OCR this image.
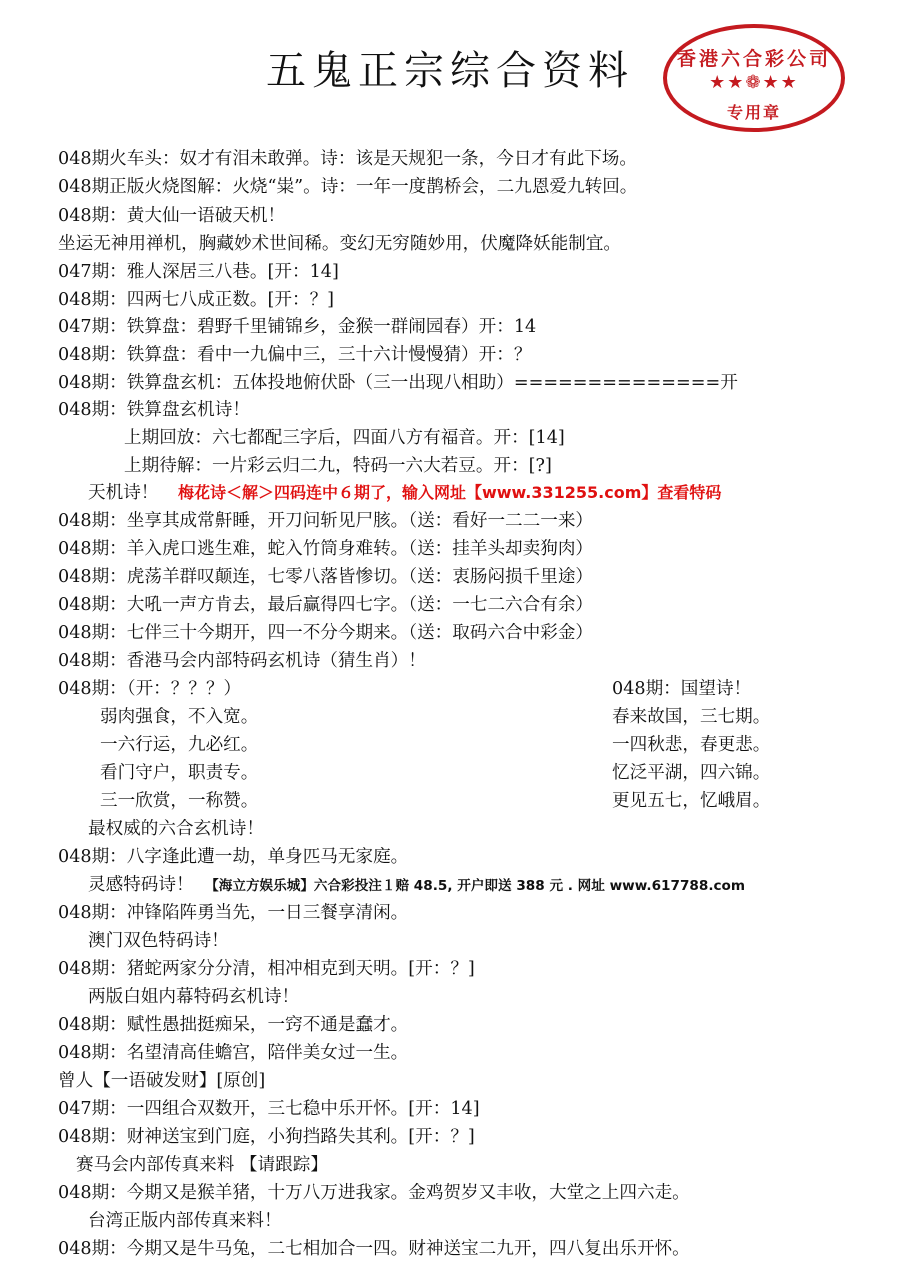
五鬼正宗综合资料	香港六合彩公司
★★❁★★
专用章
048期火车头：奴才有泪未敢弹。诗：该是天规犯一条，今日才有此下场。
048期正版火烧图解：火烧“粜”。诗：一年一度鹊桥会，二九恩爱九转回。
048期：黄大仙一语破天机！
坐运无神用禅机，胸藏妙术世间稀。变幻无穷随妙用，伏魔降妖能制宜。
047期：雅人深居三八巷。[开：14]
048期：四两七八成正数。[开：？]
047期：铁算盘：碧野千里铺锦乡，金猴一群闹园春）开：14
048期：铁算盘：看中一九偏中三，三十六计慢慢猜）开：？
048期：铁算盘玄机：五体投地俯伏卧（三一出现八相助）==============开
048期：铁算盘玄机诗！
上期回放：六七都配三字后，四面八方有福音。开：[14]
上期待解：一片彩云归二九，特码一六大若豆。开：[?]
天机诗！ 梅花诗＜解＞四码连中６期了，输入网址【www.331255.com】查看特码
048期：坐享其成常鼾睡，开刀问斩见尸胲。（送：看好一二二一来）
048期：羊入虎口逃生难，蛇入竹筒身难转。（送：挂羊头却卖狗肉）
048期：虎荡羊群叹颠连，七零八落皆惨切。（送：衷肠闷损千里途）
048期：大吼一声方肯去，最后赢得四七字。（送：一七二六合有余）
048期：七伴三十今期开，四一不分今期来。（送：取码六合中彩金）
048期：香港马会内部特码玄机诗（猜生肖）！
048期：（开：？？？）
弱肉强食，不入宽。
一六行运，九必红。
看门守户，职责专。
三一欣赏，一称赞。
048期：国望诗！
春来故国，三七期。
一四秋悲，春更悲。
忆泛平湖，四六锦。
更见五七，忆峨眉。
最权威的六合玄机诗！
048期：八字逢此遭一劫，单身匹马无家庭。
灵感特码诗！ 【海立方娱乐城】六合彩投注１赔 48.5, 开户即送 388 元 . 网址 www.617788.com
048期：冲锋陷阵勇当先，一日三餐享清闲。
澳门双色特码诗！
048期：猪蛇两家分分清，相冲相克到天明。[开：？]
两版白姐内幕特码玄机诗！
048期：赋性愚拙挺痴呆，一窍不通是蠢才。
048期：名望清高佳蟾宫，陪伴美女过一生。
曾人【一语破发财】[原创]
047期：一四组合双数开，三七稳中乐开怀。[开：14]
048期：财神送宝到门庭，小狗挡路失其利。[开：？]
赛马会内部传真来料 【请跟踪】
048期：今期又是猴羊猪，十万八万进我家。金鸡贺岁又丰收，大堂之上四六走。
台湾正版内部传真来料！
048期：今期又是牛马兔，二七相加合一四。财神送宝二九开，四八复出乐开怀。
